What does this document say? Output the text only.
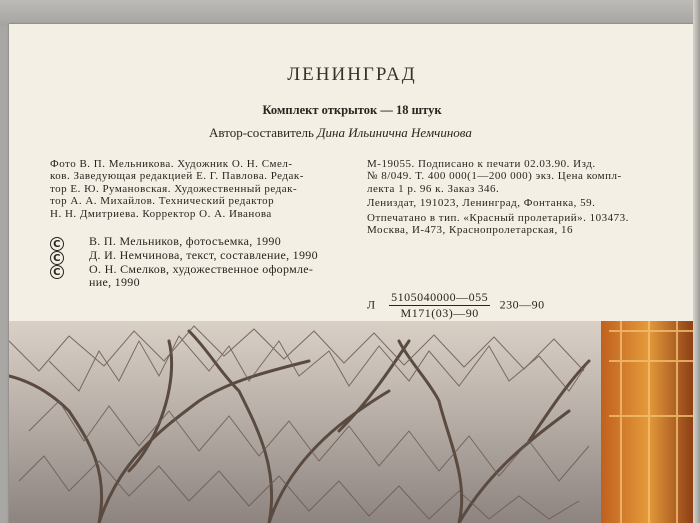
ЛЕНИНГРАД
Комплект открыток — 18 штук
Автор-составитель Дина Ильинична Немчинова
Фото В. П. Мельникова. Художник О. Н. Смел-
ков. Заведующая редакцией Е. Г. Павлова. Редак-
тор Е. Ю. Румановская. Художественный редак-
тор А. А. Михайлов. Технический редактор
Н. Н. Дмитриева. Корректор О. А. Иванова
М-19055. Подписано к печати 02.03.90. Изд.
№ 8/049. Т. 400 000(1—200 000) экз. Цена компл-
лекта 1 р. 96 к. Заказ 346.
Лениздат, 191023, Ленинград, Фонтанка, 59.
Отпечатано в тип. «Красный пролетарий». 103473.
Москва, И-473, Краснопролетарская, 16
C В. П. Мельников, фотосъемка, 1990
C Д. И. Немчинова, текст, составление, 1990
C О. Н. Смелков, художественное оформле-
ние, 1990
Л $\frac{5105040000—055}{М171(03)—90}$ 230—90
